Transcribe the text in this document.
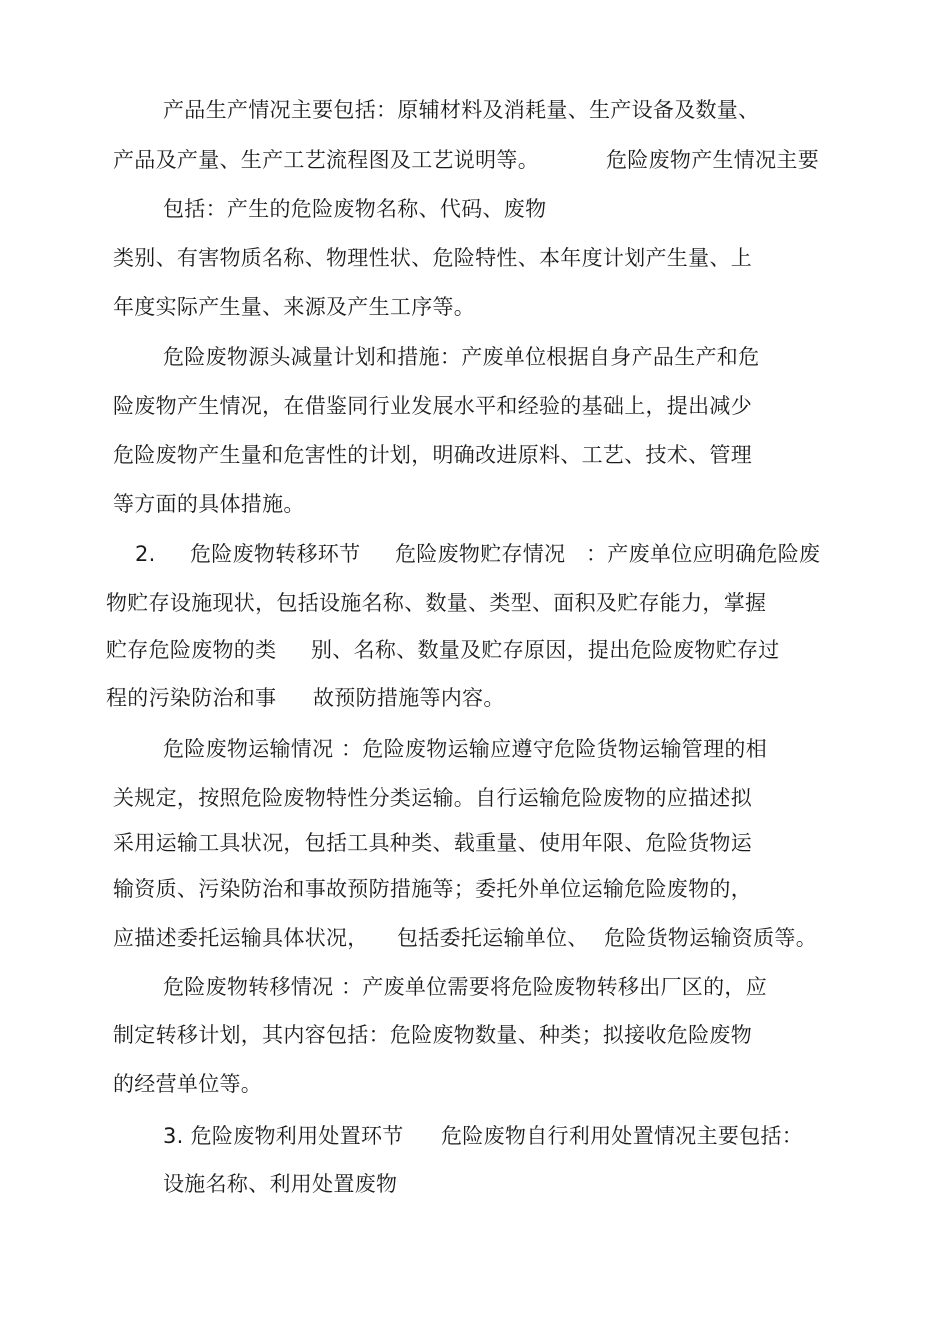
产品生产情况主要包括：原辅材料及消耗量、生产设备及数量、
产品及产量、生产工艺流程图及工艺说明等。	危险废物产生情况主要
包括：产生的危险废物名称、代码、废物
类别、有害物质名称、物理性状、危险特性、本年度计划产生量、上
年度实际产生量、来源及产生工序等。
危险废物源头减量计划和措施：产废单位根据自身产品生产和危
险废物产生情况，在借鉴同行业发展水平和经验的基础上，提出减少
危险废物产生量和危害性的计划，明确改进原料、工艺、技术、管理
等方面的具体措施。
2. 危险废物转移环节 危险废物贮存情况 ：产废单位应明确危险废
物贮存设施现状，包括设施名称、数量、类型、面积及贮存能力，掌握
贮存危险废物的类 别、名称、数量及贮存原因，提出危险废物贮存过
程的污染防治和事 故预防措施等内容。
危险废物运输情况 ：危险废物运输应遵守危险货物运输管理的相
关规定，按照危险废物特性分类运输。自行运输危险废物的应描述拟
采用运输工具状况，包括工具种类、载重量、使用年限、危险货物运
输资质、污染防治和事故预防措施等；委托外单位运输危险废物的，
应描述委托运输具体状况， 包括委托运输单位、 危险货物运输资质等。
危险废物转移情况 ：产废单位需要将危险废物转移出厂区的，应
制定转移计划，其内容包括：危险废物数量、种类；拟接收危险废物
的经营单位等。
3. 危险废物利用处置环节 危险废物自行利用处置情况主要包括：
设施名称、利用处置废物
